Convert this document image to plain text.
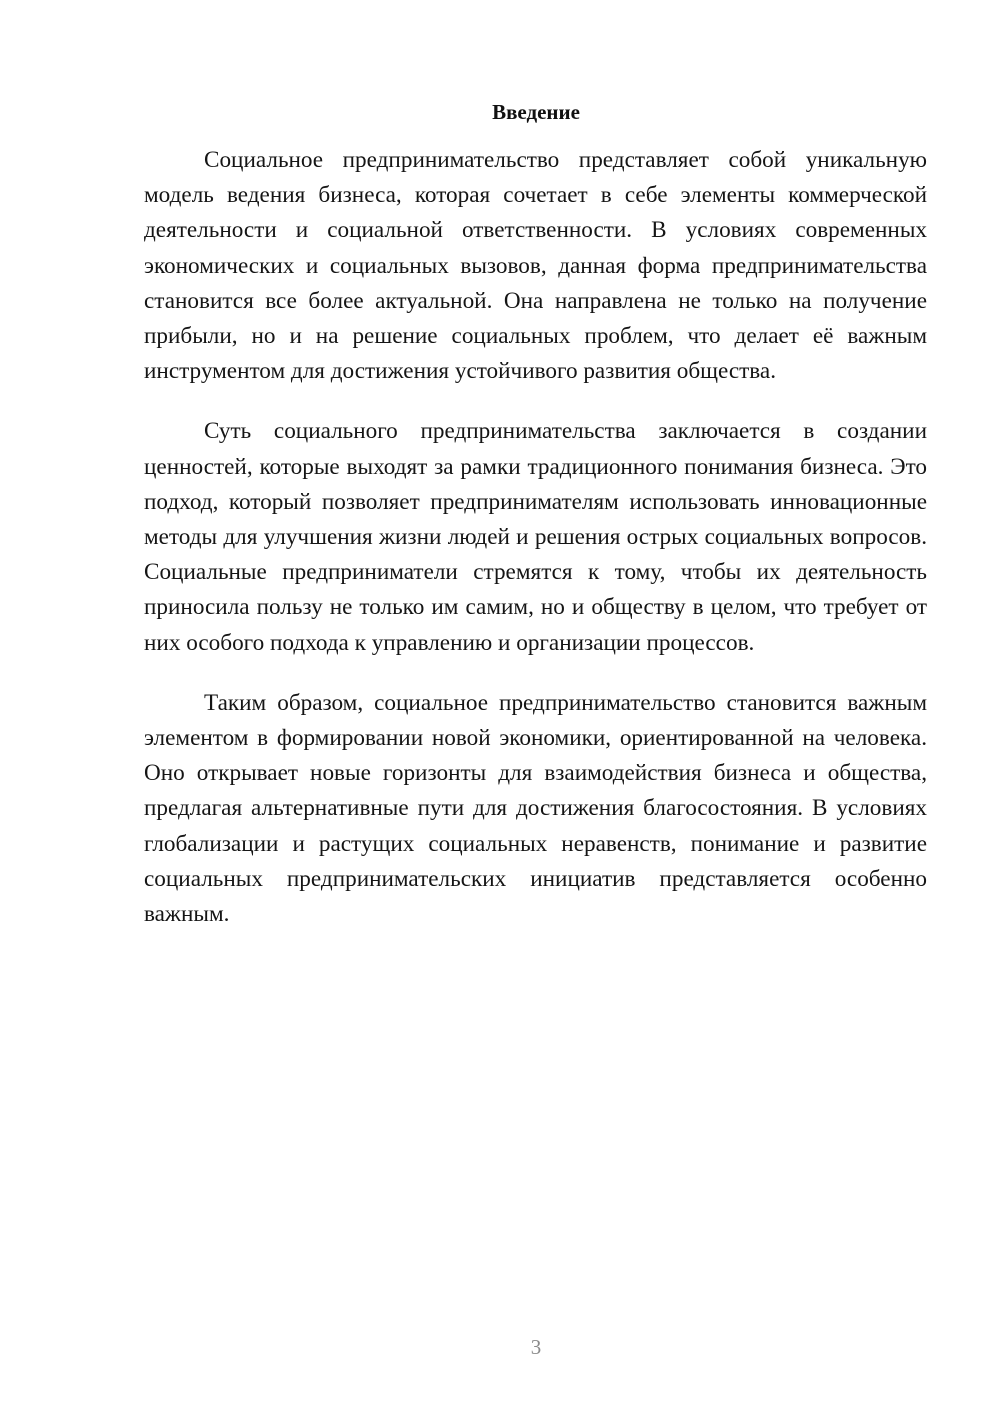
Введение

Социальное предпринимательство представляет собой уникальную модель ведения бизнеса, которая сочетает в себе элементы коммерческой деятельности и социальной ответственности. В условиях современных экономических и социальных вызовов, данная форма предпринимательства становится все более актуальной. Она направлена не только на получение прибыли, но и на решение социальных проблем, что делает её важным инструментом для достижения устойчивого развития общества.

Суть социального предпринимательства заключается в создании ценностей, которые выходят за рамки традиционного понимания бизнеса. Это подход, который позволяет предпринимателям использовать инновационные методы для улучшения жизни людей и решения острых социальных вопросов. Социальные предприниматели стремятся к тому, чтобы их деятельность приносила пользу не только им самим, но и обществу в целом, что требует от них особого подхода к управлению и организации процессов.

Таким образом, социальное предпринимательство становится важным элементом в формировании новой экономики, ориентированной на человека. Оно открывает новые горизонты для взаимодействия бизнеса и общества, предлагая альтернативные пути для достижения благосостояния. В условиях глобализации и растущих социальных неравенств, понимание и развитие социальных предпринимательских инициатив представляется особенно важным.

3
